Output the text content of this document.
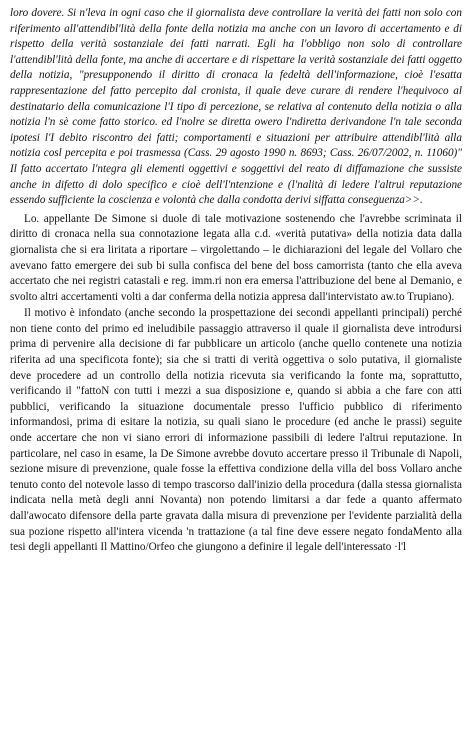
loro dovere. Si n'leva in ogni caso che il giornalista deve controllare la verità dei fatti non solo con riferimento all'attendibl'lità della fonte della notizia ma anche con un lavoro di accertamento e di rispetto della verità sostanziale dei fatti narrati. Egli ha l'obbligo non solo di controllare l'attendibl'lità della fonte, ma anche di accertare e di rispettare la verità sostanziale dei fatti oggetto della notizia, "presupponendo il diritto di cronaca la fedeltà dell'informazione, cioè l'esatta rappresentazione del fatto percepito dal cronista, il quale deve curare di rendere l'hequivoco al destinatario della comunicazione l'I tipo di percezione, se relativa al contenuto della notizia o alla notizia l'n sè come fatto storico. ed l'nolre se diretta owero l'ndiretta derivandone l'n tale seconda ipotesi l'I debito riscontro dei fatti; comportamenti e situazioni per attribuire attendibl'lità alla notizia cosl percepita e poi trasmessa (Cass. 29 agosto 1990 n. 8693; Cass. 26/07/2002, n. 11060)" Il fatto accertato l'ntegra gli elementi oggettivi e soggettivi del reato di diffamazione che sussiste anche in difetto di dolo specifico e cioè dell'l'ntenzione e (l'nalità di ledere l'altrui reputazione essendo sufficiente la coscienza e volontà che dalla condotta derivi siffatta conseguenza>>.

Lo. appellante De Simone si duole di tale motivazione sostenendo che l'avrebbe scriminata il diritto di cronaca nella sua connotazione legata alla c.d. «verità putativa» della notizia data dalla giornalista che si era liritata a riportare – virgolettando – le dichiarazioni del legale del Vollaro che avevano fatto emergere dei sub bi sulla confisca del bene del boss camorrista (tanto che ella aveva accertato che nei registri catastali e reg. imm.ri non era emersa l'attribuzione del bene al Demanio, e svolto altri accertamenti volti a dar conferma della notizia appresa dall'intervistato aw.to Trupiano).

Il motivo è infondato (anche secondo la prospettazione dei secondi appellanti principali) perché non tiene conto del primo ed ineludibile passaggio attraverso il quale il giornalista deve introdursi prima di pervenire alla decisione di far pubblicare un articolo (anche quello contenete una notizia riferita ad una specificota fonte); sia che si tratti di verità oggettiva o solo putativa, il giornaliste deve procedere ad un controllo della notizia ricevuta sia verificando la fonte ma, soprattutto, verificando il "fattoN con tutti i mezzi a sua disposizione e, quando si abbia a che fare con atti pubblici, verificando la situazione documentale presso l'ufficio pubblico di riferimento informandosi, prima di esitare la notizia, su quali siano le procedure (ed anche le prassi) seguite onde accertare che non vi siano errori di informazione passibili di ledere l'altrui reputazione. In particolare, nel caso in esame, la De Simone avrebbe dovuto accertare presso il Tribunale di Napoli, sezione misure di prevenzione, quale fosse la effettiva condizione della villa del boss Vollaro anche tenuto conto del notevole lasso di tempo trascorso dall'inizio della procedura (dalla stessa giornalista indicata nella metà degli anni Novanta) non potendo limitarsi a dar fede a quanto affermato dall'awocato difensore della parte gravata dalla misura di prevenzione per l'evidente parzialità della sua pozione rispetto all'intera vicenda 'n trattazione (a tal fine deve essere negato fondaMento alla tesi degli appellanti Il Mattino/Orfeo che giungono a definire il legale dell'interessato ·l'l
